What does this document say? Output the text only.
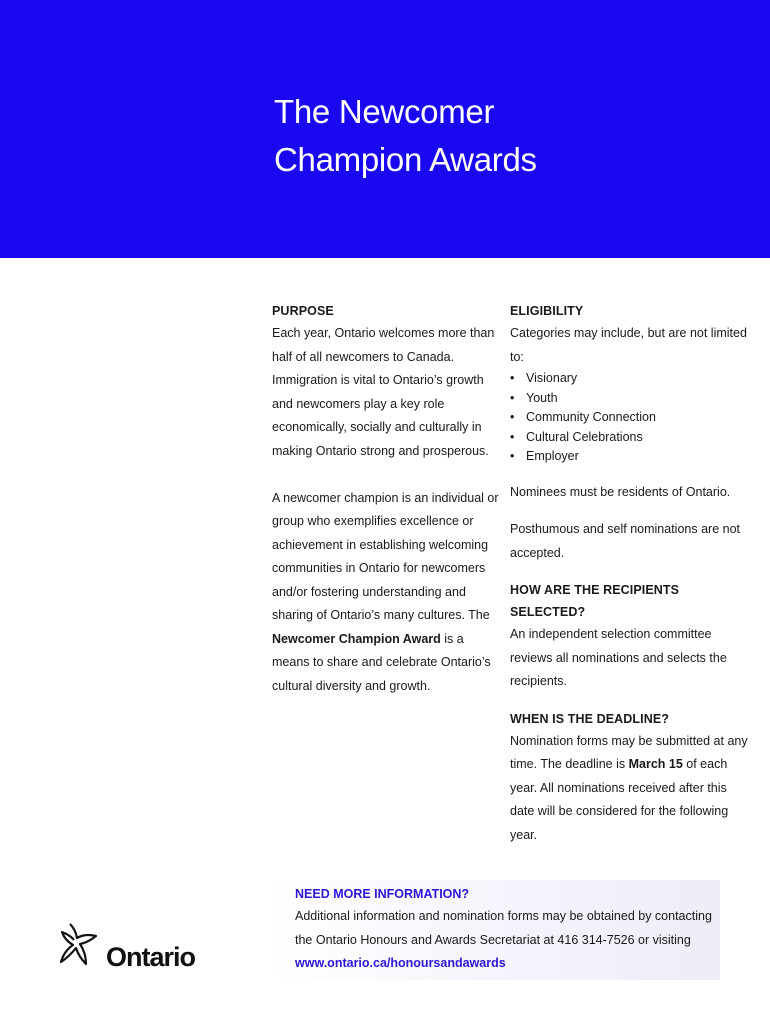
The Newcomer
Champion Awards
PURPOSE

Each year, Ontario welcomes more than half of all newcomers to Canada. Immigration is vital to Ontario’s growth and newcomers play a key role economically, socially and culturally in making Ontario strong and prosperous.

A newcomer champion is an individual or group who exemplifies excellence or achievement in establishing welcoming communities in Ontario for newcomers and/or fostering understanding and sharing of Ontario’s many cultures. The Newcomer Champion Award is a means to share and celebrate Ontario’s cultural diversity and growth.

ELIGIBILITY

Categories may include, but are not limited to:

• Visionary
• Youth
• Community Connection
• Cultural Celebrations
• Employer

Nominees must be residents of Ontario.

Posthumous and self nominations are not accepted.

HOW ARE THE RECIPIENTS SELECTED?

An independent selection committee reviews all nominations and selects the recipients.

WHEN IS THE DEADLINE?

Nomination forms may be submitted at any time. The deadline is March 15 of each year. All nominations received after this date will be considered for the following year.

NEED MORE INFORMATION?

Additional information and nomination forms may be obtained by contacting the Ontario Honours and Awards Secretariat at 416 314-7526 or visiting www.ontario.ca/honoursandawards

Ontario
